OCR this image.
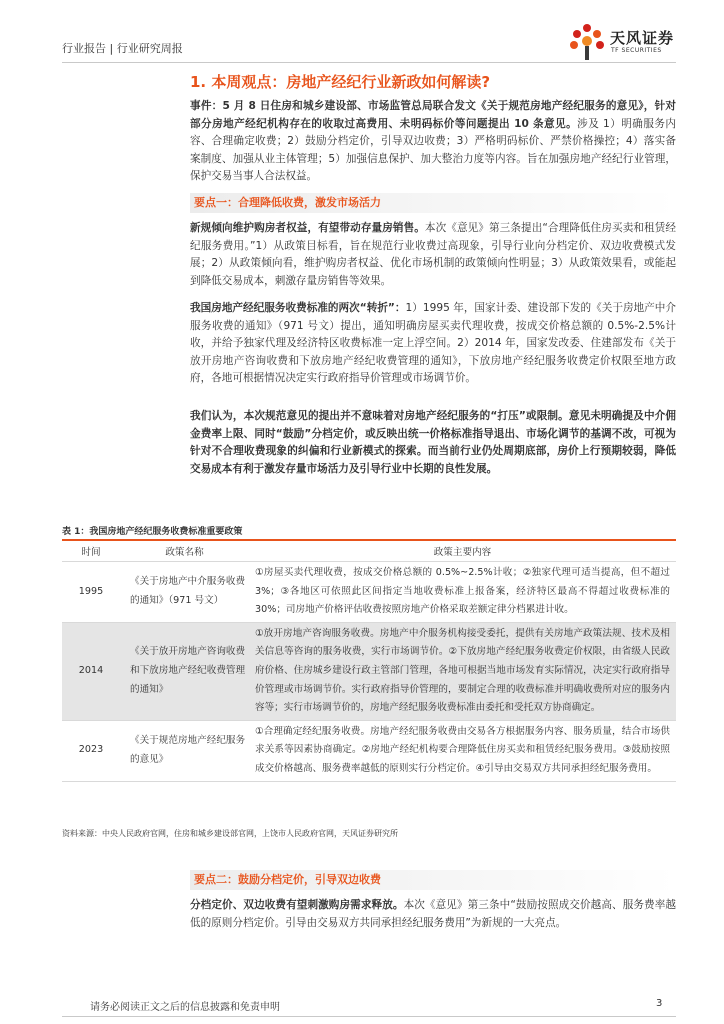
行业报告 | 行业研究周报
天风证券
TF SECURITIES
1. 本周观点：房地产经纪行业新政如何解读?
事件：5 月 8 日住房和城乡建设部、市场监管总局联合发文《关于规范房地产经纪服务的意见》，针对部分房地产经纪机构存在的收取过高费用、未明码标价等问题提出 10 条意见。涉及 1）明确服务内容、合理确定收费；2）鼓励分档定价，引导双边收费；3）严格明码标价、严禁价格操控；4）落实备案制度、加强从业主体管理；5）加强信息保护、加大整治力度等内容。旨在加强房地产经纪行业管理，保护交易当事人合法权益。
要点一：合理降低收费，激发市场活力
新规倾向维护购房者权益，有望带动存量房销售。本次《意见》第三条提出“合理降低住房买卖和租赁经纪服务费用。”1）从政策目标看，旨在规范行业收费过高现象，引导行业向分档定价、双边收费模式发展；2）从政策倾向看，维护购房者权益、优化市场机制的政策倾向性明显；3）从政策效果看，或能起到降低交易成本，刺激存量房销售等效果。
我国房地产经纪服务收费标准的两次“转折”：1）1995 年，国家计委、建设部下发的《关于房地产中介服务收费的通知》（971 号文）提出，通知明确房屋买卖代理收费，按成交价格总额的 0.5%-2.5%计收，并给予独家代理及经济特区收费标准一定上浮空间。2）2014 年，国家发改委、住建部发布《关于放开房地产咨询收费和下放房地产经纪收费管理的通知》，下放房地产经纪服务收费定价权限至地方政府，各地可根据情况决定实行政府指导价管理或市场调节价。
我们认为，本次规范意见的提出并不意味着对房地产经纪服务的“打压”或限制。意见未明确提及中介佣金费率上限、同时“鼓励”分档定价，或反映出统一价格标准指导退出、市场化调节的基调不改，可视为针对不合理收费现象的纠偏和行业新模式的探索。而当前行业仍处周期底部，房价上行预期较弱，降低交易成本有利于激发存量市场活力及引导行业中长期的良性发展。
表 1：我国房地产经纪服务收费标准重要政策
时间	政策名称	政策主要内容
1995	《关于房地产中介服务收费的通知》（971 号文）	①房屋买卖代理收费，按成交价格总额的 0.5%~2.5%计收；②独家代理可适当提高，但不超过 3%；③各地区可依照此区间指定当地收费标准上报备案，经济特区最高不得超过收费标准的 30%；司房地产价格评估收费按照房地产价格采取差额定律分档累进计收。
2014	《关于放开房地产咨询收费和下放房地产经纪收费管理的通知》	①放开房地产咨询服务收费。房地产中介服务机构接受委托，提供有关房地产政策法规、技术及相关信息等咨询的服务收费，实行市场调节价。②下放房地产经纪服务收费定价权限，由省级人民政府价格、住房城乡建设行政主管部门管理，各地可根据当地市场发育实际情况，决定实行政府指导价管理或市场调节价。实行政府指导价管理的，要制定合理的收费标准并明确收费所对应的服务内容等；实行市场调节价的，房地产经纪服务收费标准由委托和受托双方协商确定。
2023	《关于规范房地产经纪服务的意见》	①合理确定经纪服务收费。房地产经纪服务收费由交易各方根据服务内容、服务质量，结合市场供求关系等因素协商确定。②房地产经纪机构要合理降低住房买卖和租赁经纪服务费用。③鼓励按照成交价格越高、服务费率越低的原则实行分档定价。④引导由交易双方共同承担经纪服务费用。
资料来源：中央人民政府官网，住房和城乡建设部官网，上饶市人民政府官网，天风证券研究所
要点二：鼓励分档定价，引导双边收费
分档定价、双边收费有望刺激购房需求释放。本次《意见》第三条中“鼓励按照成交价越高、服务费率越低的原则分档定价。引导由交易双方共同承担经纪服务费用”为新规的一大亮点。
请务必阅读正文之后的信息披露和免责申明	3
